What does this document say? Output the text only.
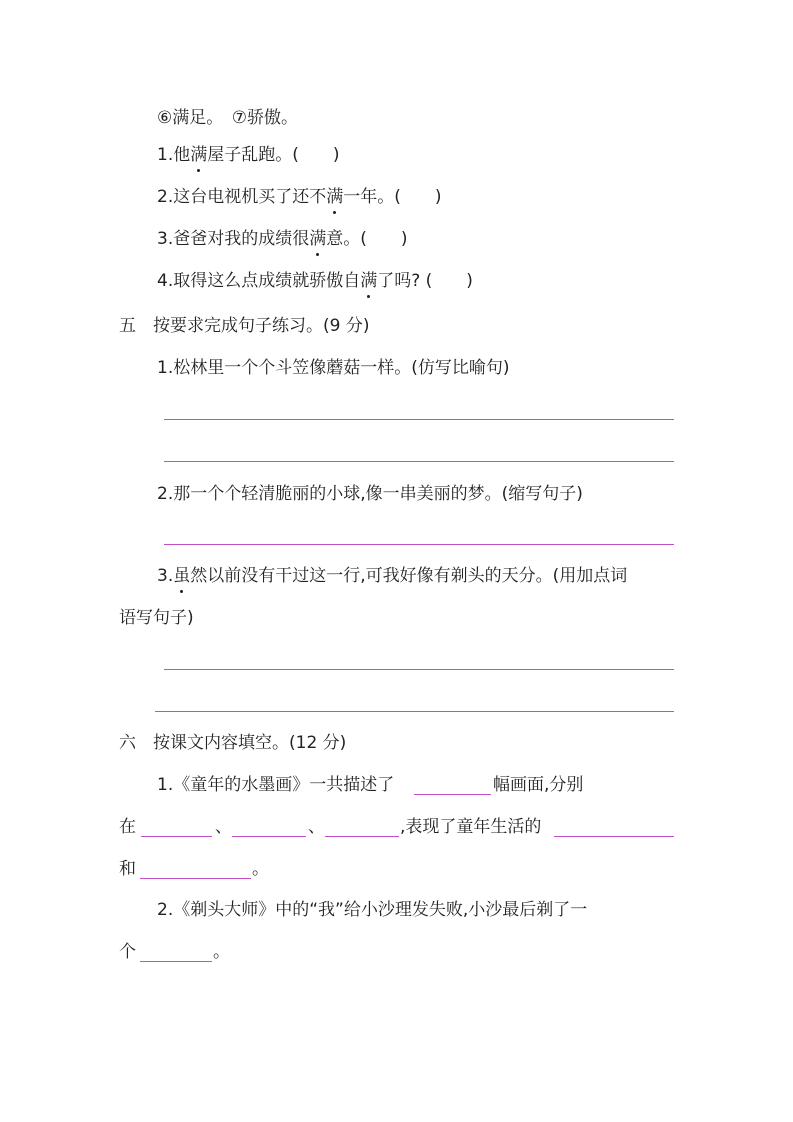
⑥满足。　⑦骄傲。
1.他满屋子乱跑。(　　)
2.这台电视机买了还不满一年。(　　)
3.爸爸对我的成绩很满意。(　　)
4.取得这么点成绩就骄傲自满了吗? (　　)
五　按要求完成句子练习。(9 分)
1.松林里一个个斗笠像蘑菇一样。(仿写比喻句)
2.那一个个轻清脆丽的小球,像一串美丽的梦。(缩写句子)
3.虽然以前没有干过这一行,可我好像有剃头的天分。(用加点词
语写句子)
六　按课文内容填空。(12 分)
1.《童年的水墨画》一共描述了	幅画面,分别
在	、	、	,表现了童年生活的
和	。
2.《剃头大师》中的“我”给小沙理发失败,小沙最后剃了一
个	。
